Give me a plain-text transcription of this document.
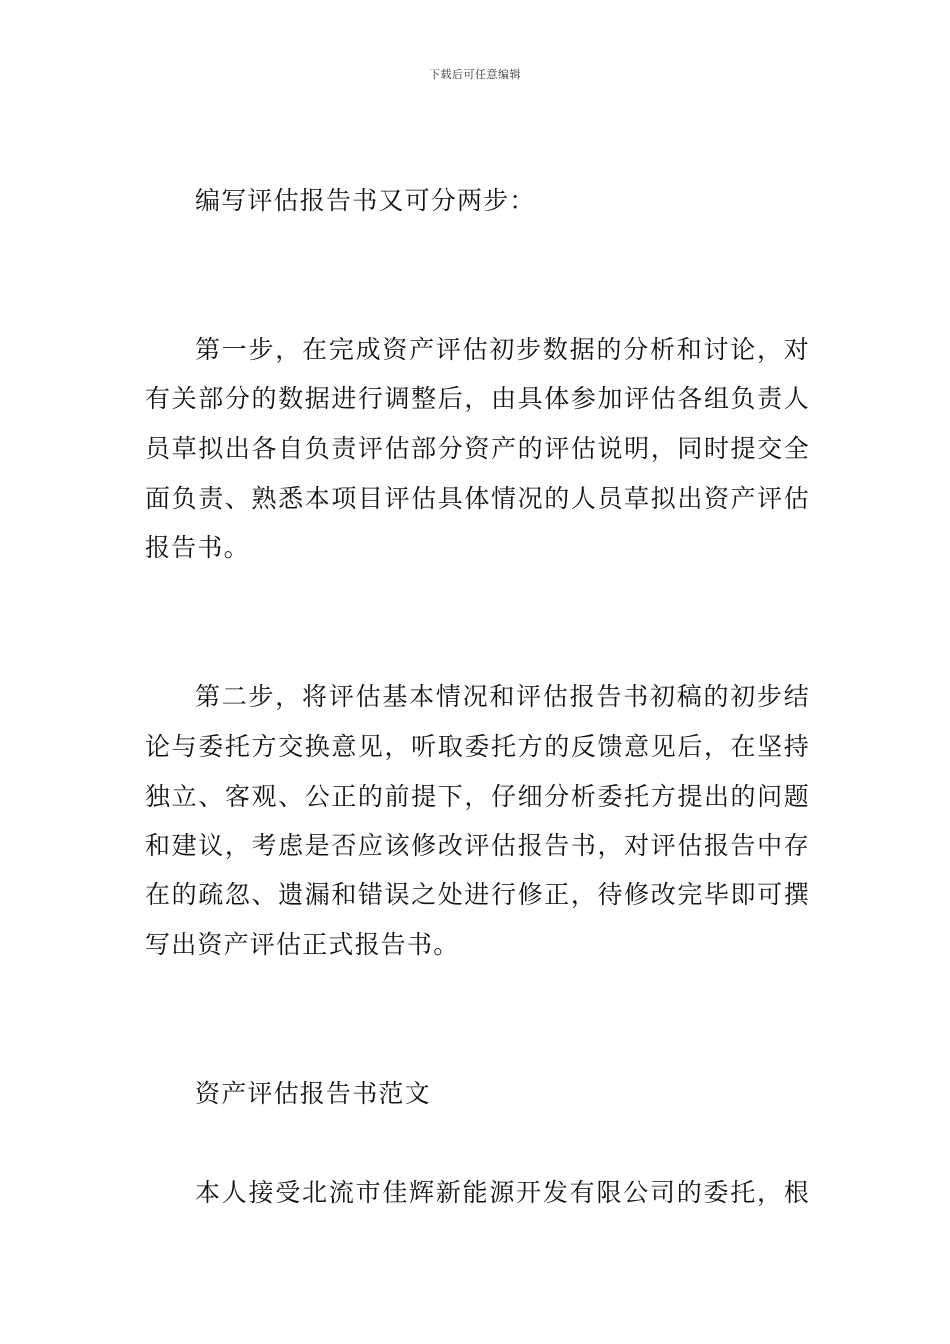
下载后可任意编辑
编写评估报告书又可分两步：
第一步，在完成资产评估初步数据的分析和讨论，对
有关部分的数据进行调整后，由具体参加评估各组负责人
员草拟出各自负责评估部分资产的评估说明，同时提交全
面负责、熟悉本项目评估具体情况的人员草拟出资产评估
报告书。
第二步，将评估基本情况和评估报告书初稿的初步结
论与委托方交换意见，听取委托方的反馈意见后，在坚持
独立、客观、公正的前提下，仔细分析委托方提出的问题
和建议，考虑是否应该修改评估报告书，对评估报告中存
在的疏忽、遗漏和错误之处进行修正，待修改完毕即可撰
写出资产评估正式报告书。
资产评估报告书范文
本人接受北流市佳辉新能源开发有限公司的委托，根
